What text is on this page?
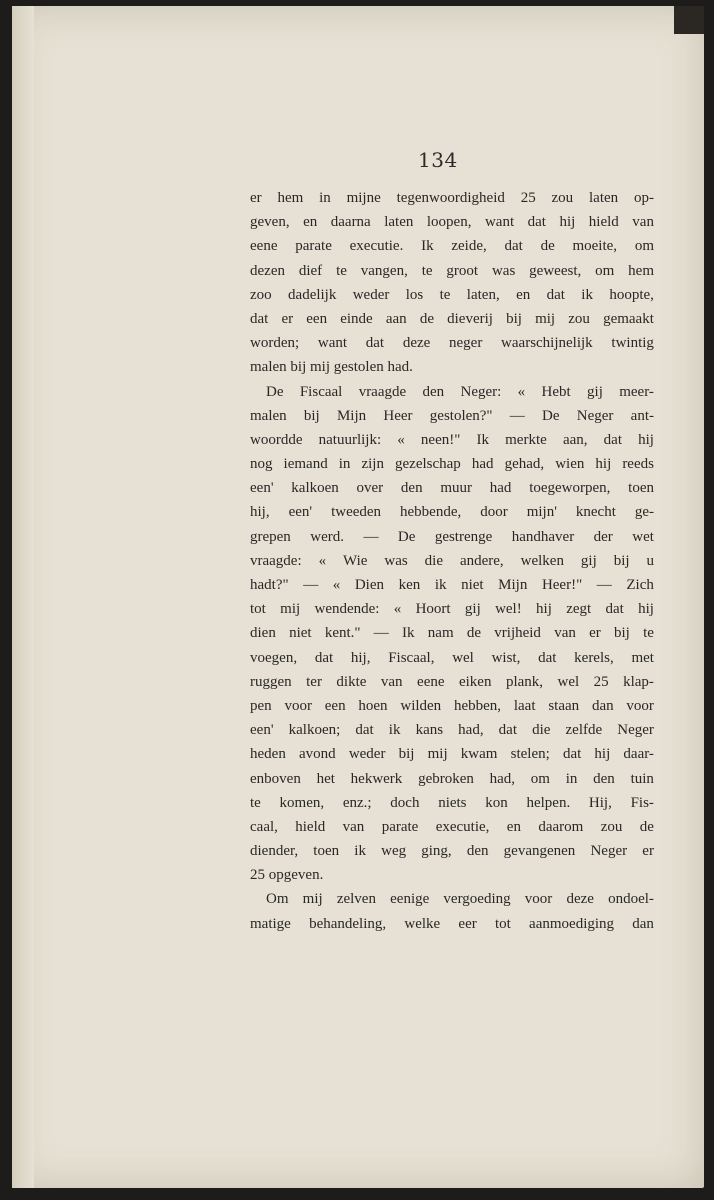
134
er hem in mijne tegenwoordigheid 25 zou laten op-
geven, en daarna laten loopen, want dat hij hield van
eene parate executie. Ik zeide, dat de moeite, om
dezen dief te vangen, te groot was geweest, om hem
zoo dadelijk weder los te laten, en dat ik hoopte,
dat er een einde aan de dieverij bij mij zou gemaakt
worden; want dat deze neger waarschijnelijk twintig
malen bij mij gestolen had.
De Fiscaal vraagde den Neger: « Hebt gij meer-
malen bij Mijn Heer gestolen?" — De Neger ant-
woordde natuurlijk: « neen!" Ik merkte aan, dat hij
nog iemand in zijn gezelschap had gehad, wien hij reeds
een' kalkoen over den muur had toegeworpen, toen
hij, een' tweeden hebbende, door mijn' knecht ge-
grepen werd. — De gestrenge handhaver der wet
vraagde: « Wie was die andere, welken gij bij u
hadt?" — « Dien ken ik niet Mijn Heer!" — Zich
tot mij wendende: « Hoort gij wel! hij zegt dat hij
dien niet kent." — Ik nam de vrijheid van er bij te
voegen, dat hij, Fiscaal, wel wist, dat kerels, met
ruggen ter dikte van eene eiken plank, wel 25 klap-
pen voor een hoen wilden hebben, laat staan dan voor
een' kalkoen; dat ik kans had, dat die zelfde Neger
heden avond weder bij mij kwam stelen; dat hij daar-
enboven het hekwerk gebroken had, om in den tuin
te komen, enz.; doch niets kon helpen. Hij, Fis-
caal, hield van parate executie, en daarom zou de
diender, toen ik weg ging, den gevangenen Neger er
25 opgeven.
Om mij zelven eenige vergoeding voor deze ondoel-
matige behandeling, welke eer tot aanmoediging dan
